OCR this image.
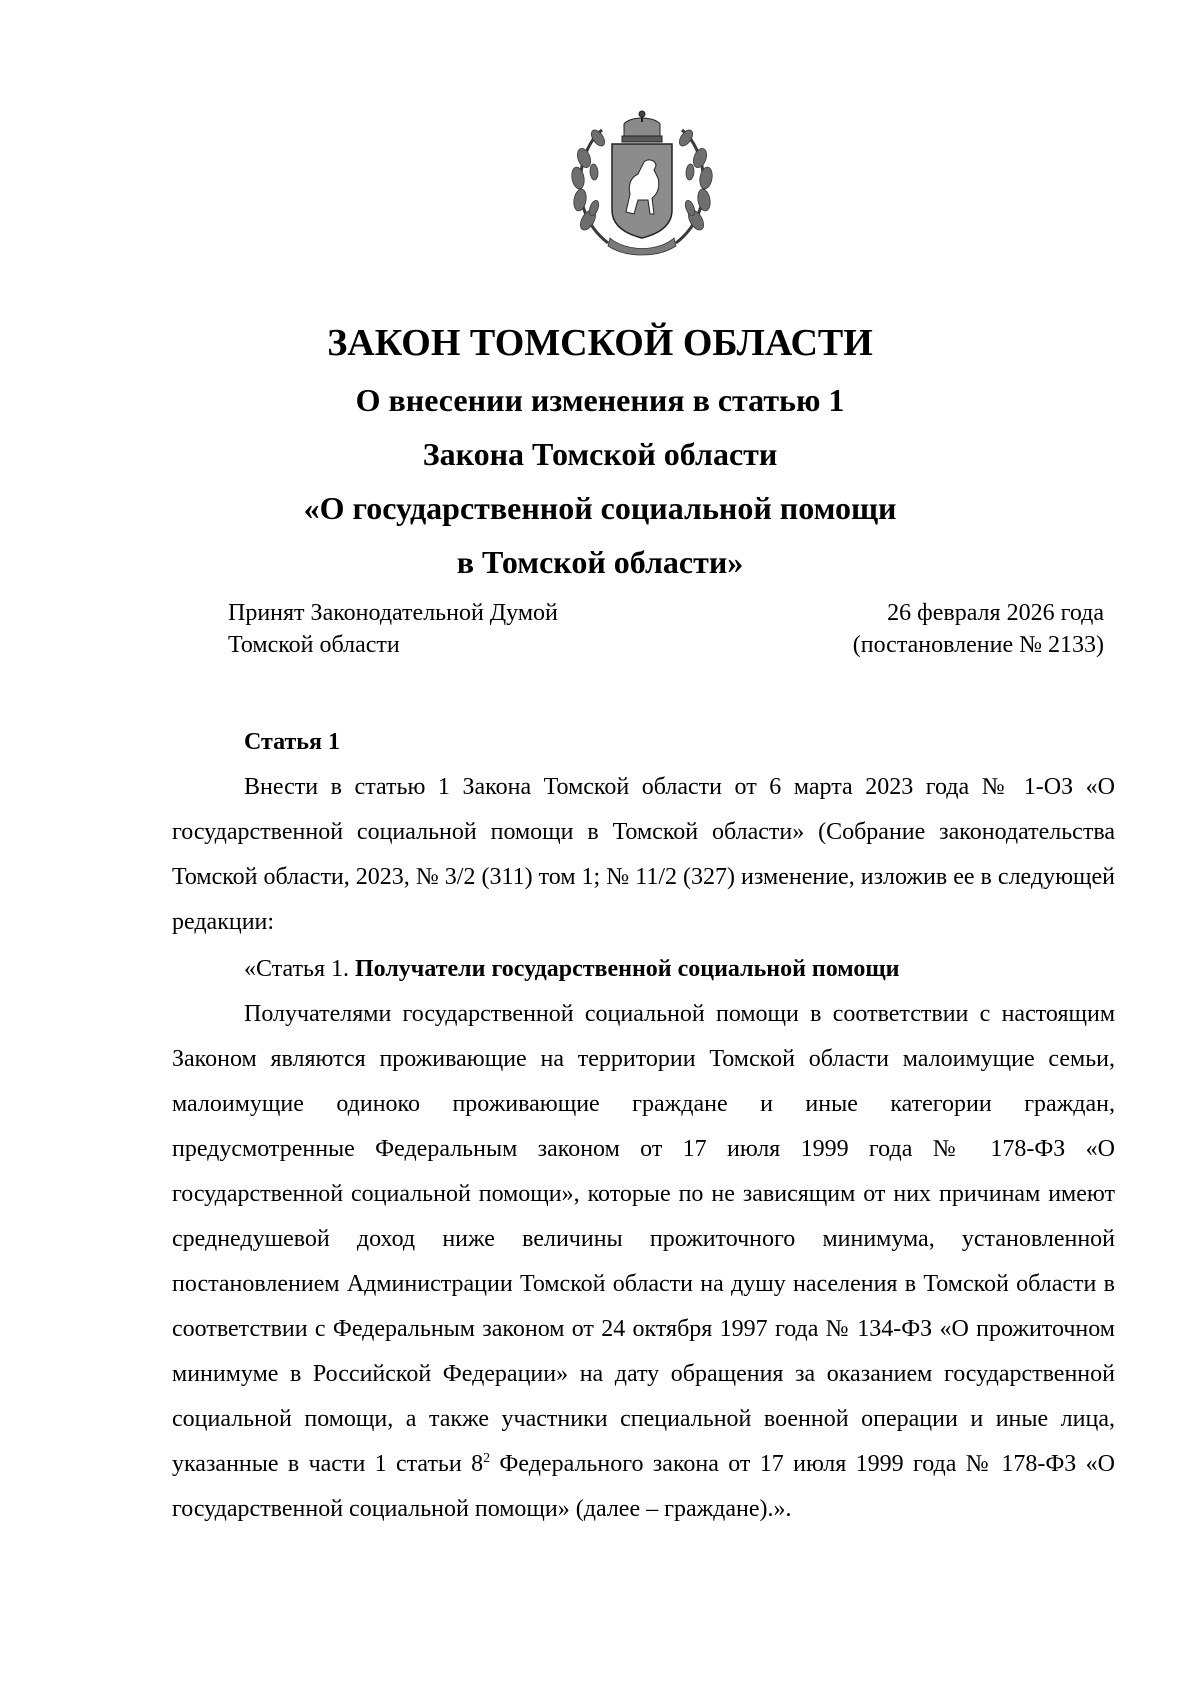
ЗАКОН ТОМСКОЙ ОБЛАСТИ

О внесении изменения в статью 1

Закона Томской области

«О государственной социальной помощи

в Томской области»

Принят Законодательной Думой
Томской области
26 февраля 2026 года
(постановление № 2133)

Статья 1

Внести в статью 1 Закона Томской области от 6 марта 2023 года № 1-ОЗ «О государственной социальной помощи в Томской области» (Собрание законодательства Томской области, 2023, № 3/2 (311) том 1; № 11/2 (327) изменение, изложив ее в следующей редакции:

«Статья 1. Получатели государственной социальной помощи

Получателями государственной социальной помощи в соответствии с настоящим Законом являются проживающие на территории Томской области малоимущие семьи, малоимущие одиноко проживающие граждане и иные категории граждан, предусмотренные Федеральным законом от 17 июля 1999 года № 178-ФЗ «О государственной социальной помощи», которые по не зависящим от них причинам имеют среднедушевой доход ниже величины прожиточного минимума, установленной постановлением Администрации Томской области на душу населения в Томской области в соответствии с Федеральным законом от 24 октября 1997 года № 134-ФЗ «О прожиточном минимуме в Российской Федерации» на дату обращения за оказанием государственной социальной помощи, а также участники специальной военной операции и иные лица, указанные в части 1 статьи $8^2$ Федерального закона от 17 июля 1999 года № 178-ФЗ «О государственной социальной помощи» (далее – граждане).».
